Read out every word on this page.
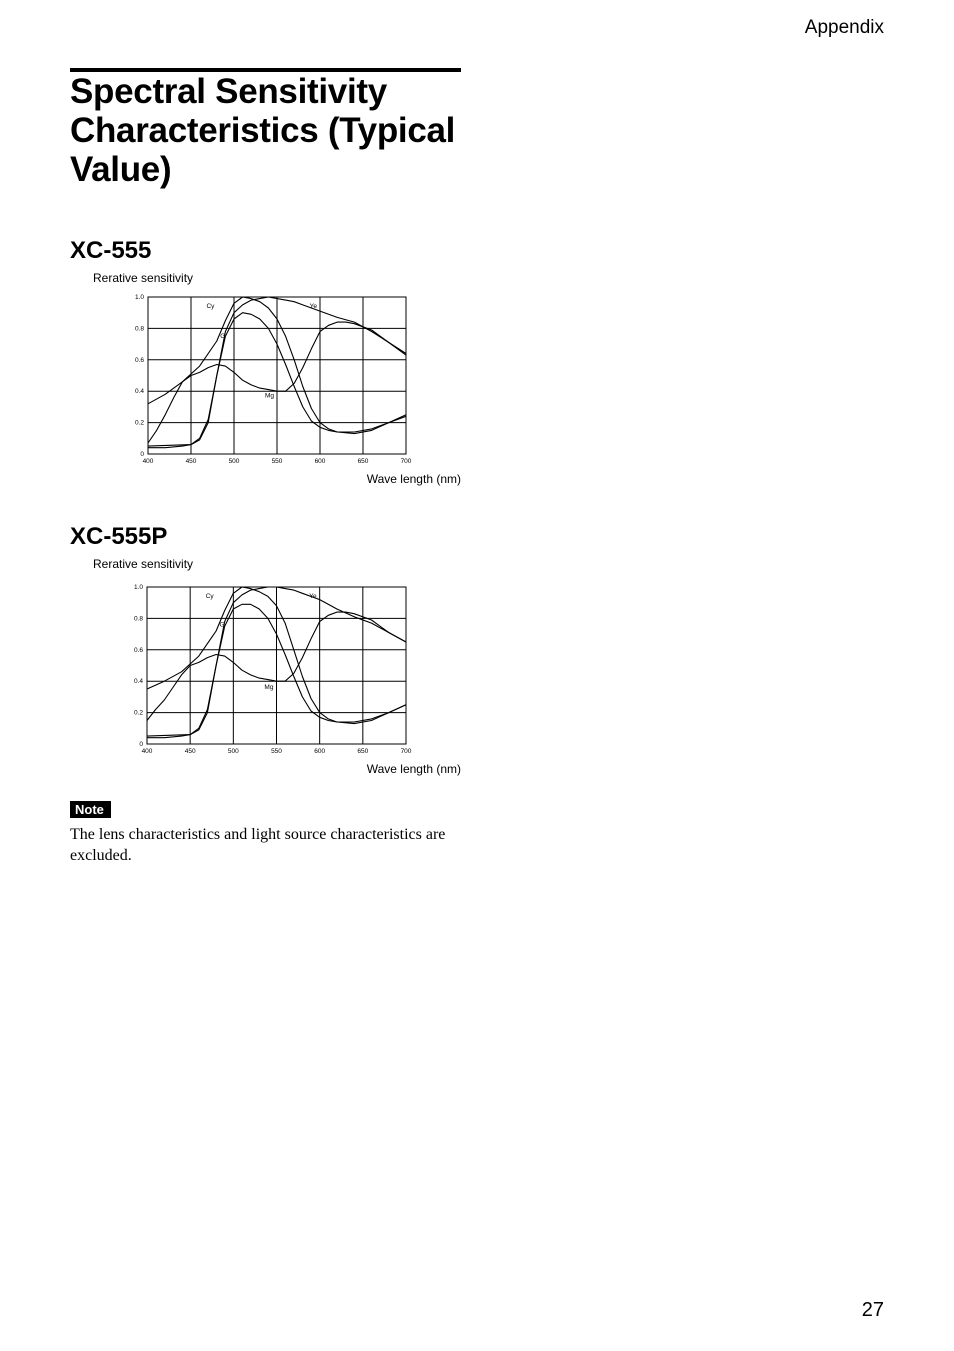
Appendix
Spectral Sensitivity Characteristics (Typical Value)
XC-555
Rerative sensitivity
Wave length (nm)
XC-555P
Rerative sensitivity
Wave length (nm)
400	450	500	550	600	650	700
0
0.2
0.4
0.6
0.8
1.0
Cy	Ye
G
Mg
400	450	500	550	600	650	700
0
0.2
0.4
0.6
0.8
1.0
Cy	Ye
G
Mg
Note
The lens characteristics and light source characteristics are excluded.
27
